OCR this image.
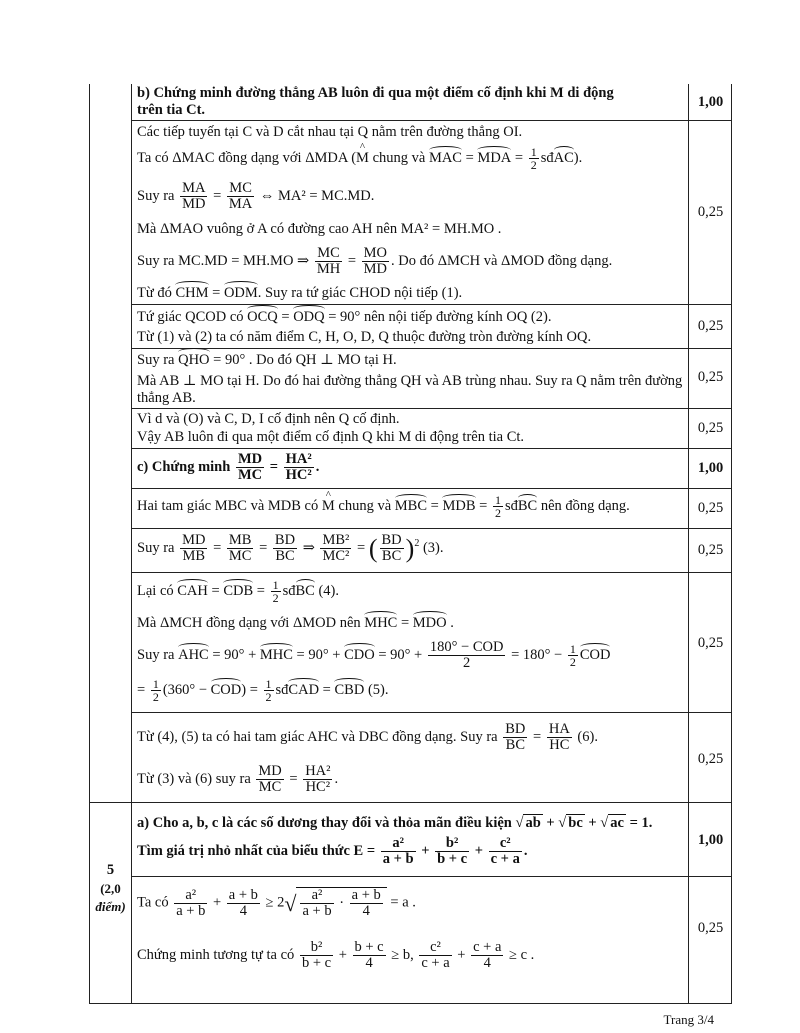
b) Chứng minh đường thẳng AB luôn đi qua một điểm cố định khi M di động
trên tia Ct.	1,00
Các tiếp tuyến tại C và D cắt nhau tại Q nằm trên đường thẳng OI.
Ta có ΔMAC đồng dạng với ΔMDA (^ M chung và MAC = MDA = $\frac{1}{2}$ sđAC).
Suy ra $\frac{MA}{MD} = \frac{MC}{MA}$ ⇔ MA² = MC.MD.
Mà ΔMAO vuông ở A có đường cao AH nên MA² = MH.MO .
Suy ra MC.MD = MH.MO ⇒ $\frac{MC}{MH} = \frac{MO}{MD}$ . Do đó ΔMCH và ΔMOD đồng dạng.
Từ đó CHM = ODM. Suy ra tứ giác CHOD nội tiếp (1).
0,25
Tứ giác QCOD có OCQ = ODQ = 90° nên nội tiếp đường kính OQ (2).
Từ (1) và (2) ta có năm điểm C, H, O, D, Q thuộc đường tròn đường kính OQ.
0,25
Suy ra QHO = 90° . Do đó QH ⊥ MO tại H.
Mà AB ⊥ MO tại H. Do đó hai đường thẳng QH và AB trùng nhau. Suy ra Q nằm trên đường thẳng AB.
0,25
Vì d và (O) và C, D, I cố định nên Q cố định.
Vậy AB luôn đi qua một điểm cố định Q khi M di động trên tia Ct.
0,25
c) Chứng minh $\frac{MD}{MC} = \frac{\text{HA²}}{\text{HC²}}$ .	1,00
Hai tam giác MBC và MDB có ^ M chung và MBC = MDB = $\frac{1}{2}$ sđBC nên đồng dạng.	0,25
Suy ra $\frac{MD}{MB} = \frac{MB}{MC} = \frac{BD}{BC}$ ⇒ $\frac{\text{MB²}}{\text{MC²}}$ = ( $\frac{BD}{BC} )^2$ (3).	0,25
Lại có CAH = CDB = $\frac{1}{2}$ sđBC (4).
Mà ΔMCH đồng dạng với ΔMOD nên MHC = MDO .
Suy ra AHC = 90° + MHC = 90° + CDO = $90^\circ + \frac{\text{180° − COD}}{2} = 180^\circ - \frac{1}{2}$ COD
= $\frac{1}{2} (360^\circ - COD) = \frac{1}{2}$ sđCAD = CBD (5).
0,25
Từ (4), (5) ta có hai tam giác AHC và DBC đồng dạng. Suy ra $\frac{BD}{BC} = \frac{HA}{HC} (6)$.
Từ (3) và (6) suy ra $\frac{MD}{MC} = \frac{\text{HA²}}{\text{HC²}}$ .
0,25
5
(2,0
điểm)
a) Cho a, b, c là các số dương thay đổi và thỏa mãn điều kiện √ ab + √ bc + √ ac = 1.
Tìm giá trị nhỏ nhất của biểu thức $E = \frac{\text{a²}}{a + b} + \frac{\text{b²}}{b + c} + \frac{\text{c²}}{c + a}$ .
1,00
Ta có $\frac{\text{a²}}{a + b} + \frac{a + b}{4} \ge 2√ \frac{\text{a²}}{a + b} \cdot \frac{a + b}{4} = a$ .
Chứng minh tương tự ta có $\frac{\text{b²}}{b + c} + \frac{b + c}{4} \ge b$, $\frac{\text{c²}}{c + a} + \frac{c + a}{4} \ge c$ .
0,25
Trang 3/4
